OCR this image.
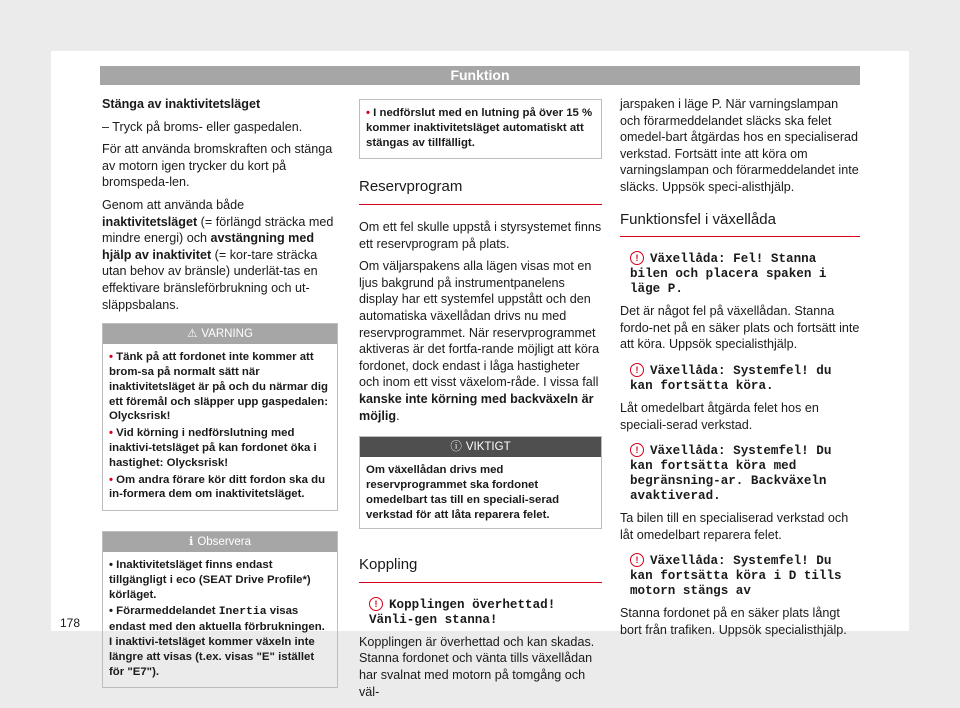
Funktion

Stänga av inaktivitetsläget

– Tryck på broms- eller gaspedalen.

För att använda bromskraften och stänga av motorn igen trycker du kort på bromspeda-len.

Genom att använda både inaktivitetsläget (= förlängd sträcka med mindre energi) och avstängning med hjälp av inaktivitet (= kor-tare sträcka utan behov av bränsle) underlät-tas en effektivare bränsleförbrukning och ut-släppsbalans.

⚠ VARNING
• Tänk på att fordonet inte kommer att brom-sa på normalt sätt när inaktivitetsläget är på och du närmar dig ett föremål och släpper upp gaspedalen: Olycksrisk!
• Vid körning i nedförslutning med inaktivi-tetsläget på kan fordonet öka i hastighet: Olycksrisk!
• Om andra förare kör ditt fordon ska du in-formera dem om inaktivitetsläget.
ℹ Observera
• Inaktivitetsläget finns endast tillgängligt i eco (SEAT Drive Profile*) körläget.
• Förarmeddelandet Inertia visas endast med den aktuella förbrukningen. I inaktivi-tetsläget kommer växeln inte längre att visas (t.ex. visas "E" istället för "E7").
• I nedförslut med en lutning på över 15 % kommer inaktivitetsläget automatiskt att stängas av tillfälligt.
Reservprogram

Om ett fel skulle uppstå i styrsystemet finns ett reservprogram på plats.

Om väljarspakens alla lägen visas mot en ljus bakgrund på instrumentpanelens display har ett systemfel uppstått och den automatiska växellådan drivs nu med reservprogrammet. När reservprogrammet aktiveras är det fortfa-rande möjligt att köra fordonet, dock endast i låga hastigheter och inom ett visst växelom-råde. I vissa fall kanske inte körning med backväxeln är möjlig.

ⓘ VIKTIGT
Om växellådan drivs med reservprogrammet ska fordonet omedelbart tas till en speciali-serad verkstad för att låta reparera felet.
Koppling
! Kopplingen överhettad! Vänli-gen stanna!

Kopplingen är överhettad och kan skadas. Stanna fordonet och vänta tills växellådan har svalnat med motorn på tomgång och väl-

jarspaken i läge P. När varningslampan och förarmeddelandet släcks ska felet omedel-bart åtgärdas hos en specialiserad verkstad. Fortsätt inte att köra om varningslampan och förarmeddelandet inte släcks. Uppsök speci-alisthjälp.

Funktionsfel i växellåda
! Växellåda: Fel! Stanna bilen och placera spaken i läge P.

Det är något fel på växellådan. Stanna fordo-net på en säker plats och fortsätt inte att köra. Uppsök specialisthjälp.

! Växellåda: Systemfel! du kan fortsätta köra.

Låt omedelbart åtgärda felet hos en speciali-serad verkstad.

! Växellåda: Systemfel! Du kan fortsätta köra med begränsning-ar. Backväxeln avaktiverad.

Ta bilen till en specialiserad verkstad och låt omedelbart reparera felet.

! Växellåda: Systemfel! Du kan fortsätta köra i D tills motorn stängs av

Stanna fordonet på en säker plats långt bort från trafiken. Uppsök specialisthjälp.

178
